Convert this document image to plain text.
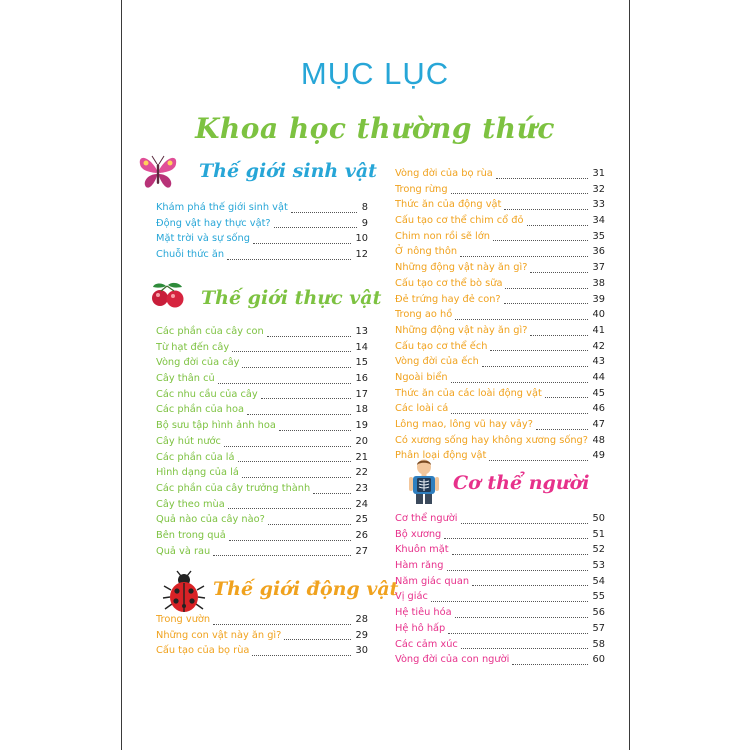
MỤC LỤC
Khoa học thường thức
Thế giới sinh vật
Thế giới thực vật
Thế giới động vật
Cơ thể người
Khám phá thế giới sinh vật	8
Động vật hay thực vật?	9
Mặt trời và sự sống	10
Chuỗi thức ăn	12
Các phần của cây con	13
Từ hạt đến cây	14
Vòng đời của cây	15
Cây thân củ	16
Các nhu cầu của cây	17
Các phần của hoa	18
Bộ sưu tập hình ảnh hoa	19
Cây hút nước	20
Các phần của lá	21
Hình dạng của lá	22
Các phần của cây trưởng thành	23
Cây theo mùa	24
Quả nào của cây nào?	25
Bên trong quả	26
Quả và rau	27
Trong vườn	28
Những con vật này ăn gì?	29
Cấu tạo của bọ rùa	30
Vòng đời của bọ rùa	31
Trong rừng	32
Thức ăn của động vật	33
Cấu tạo cơ thể chim cổ đỏ	34
Chim non rồi sẽ lớn	35
Ở nông thôn	36
Những động vật này ăn gì?	37
Cấu tạo cơ thể bò sữa	38
Đẻ trứng hay đẻ con?	39
Trong ao hồ	40
Những động vật này ăn gì?	41
Cấu tạo cơ thể ếch	42
Vòng đời của ếch	43
Ngoài biển	44
Thức ăn của các loài động vật	45
Các loài cá	46
Lông mao, lông vũ hay vảy?	47
Có xương sống hay không xương sống? 48
Phân loại động vật	49
Cơ thể người	50
Bộ xương	51
Khuôn mặt	52
Hàm răng	53
Năm giác quan	54
Vị giác	55
Hệ tiêu hóa	56
Hệ hô hấp	57
Các cảm xúc	58
Vòng đời của con người	60
